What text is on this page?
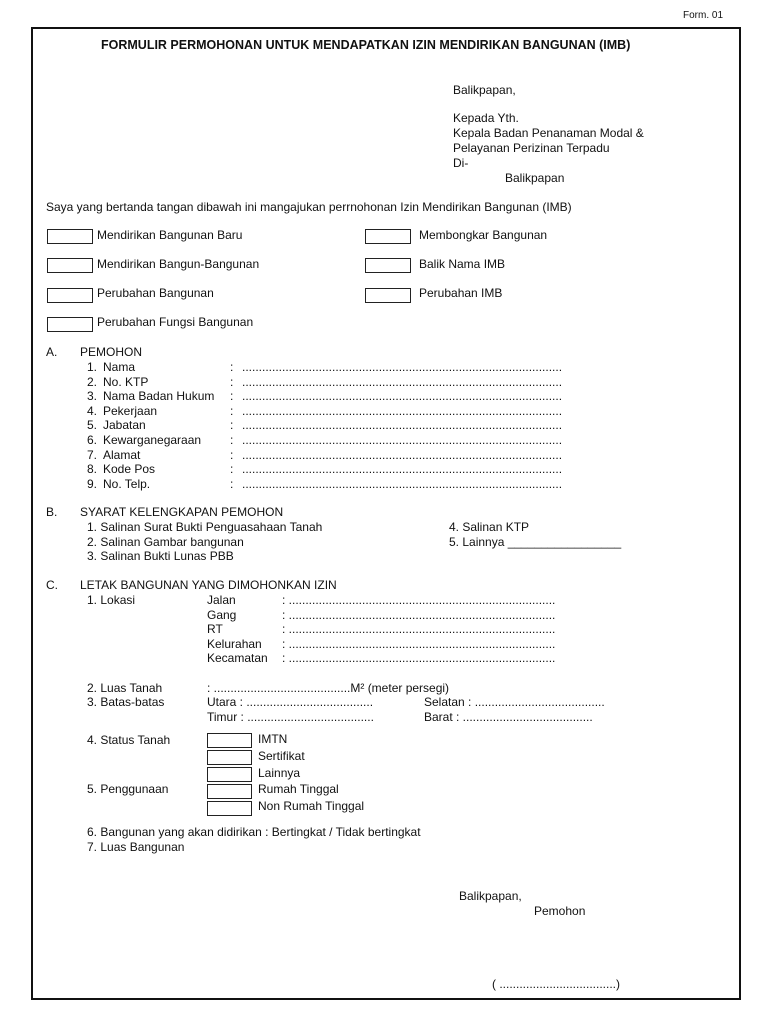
Form. 01
FORMULIR PERMOHONAN UNTUK MENDAPATKAN IZIN MENDIRIKAN BANGUNAN (IMB)
Balikpapan,
Kepada Yth.
Kepala Badan Penanaman Modal &
Pelayanan Perizinan Terpadu
Di-
Balikpapan
Saya yang bertanda tangan dibawah ini mangajukan perrnohonan Izin Mendirikan Bangunan (IMB)
Mendirikan Bangunan Baru
Mendirikan Bangun-Bangunan
Perubahan Bangunan
Perubahan Fungsi Bangunan
Membongkar Bangunan
Balik Nama IMB
Perubahan IMB
A. PEMOHON
1. Nama	: ................................................................................................
2. No. KTP	: ................................................................................................
3. Nama Badan Hukum : ................................................................................................
4. Pekerjaan	: ................................................................................................
5. Jabatan	: ................................................................................................
6. Kewarganegaraan : ................................................................................................
7. Alamat	: ................................................................................................
8. Kode Pos	: ................................................................................................
9. No. Telp.	: ................................................................................................
B. SYARAT KELENGKAPAN PEMOHON
1. Salinan Surat Bukti Penguasahaan Tanah
2. Salinan Gambar bangunan
3. Salinan Bukti Lunas PBB
4. Salinan KTP
5. Lainnya _________________
C. LETAK BANGUNAN YANG DIMOHONKAN IZIN
1. Lokasi	Jalan	: ................................................................................
Gang	: ................................................................................
RT	: ................................................................................
Kelurahan : ................................................................................
Kecamatan : ................................................................................
2. Luas Tanah	: .........................................M² (meter persegi)
3. Batas-batas	Utara : ......................................	Selatan : .......................................
Timur : ......................................	Barat : .......................................
4. Status Tanah	IMTN
Sertifikat
Lainnya
5. Penggunaan	Rumah Tinggal
Non Rumah Tinggal
6. Bangunan yang akan didirikan : Bertingkat / Tidak bertingkat
7. Luas Bangunan
Balikpapan,
Pemohon
( ...................................)
